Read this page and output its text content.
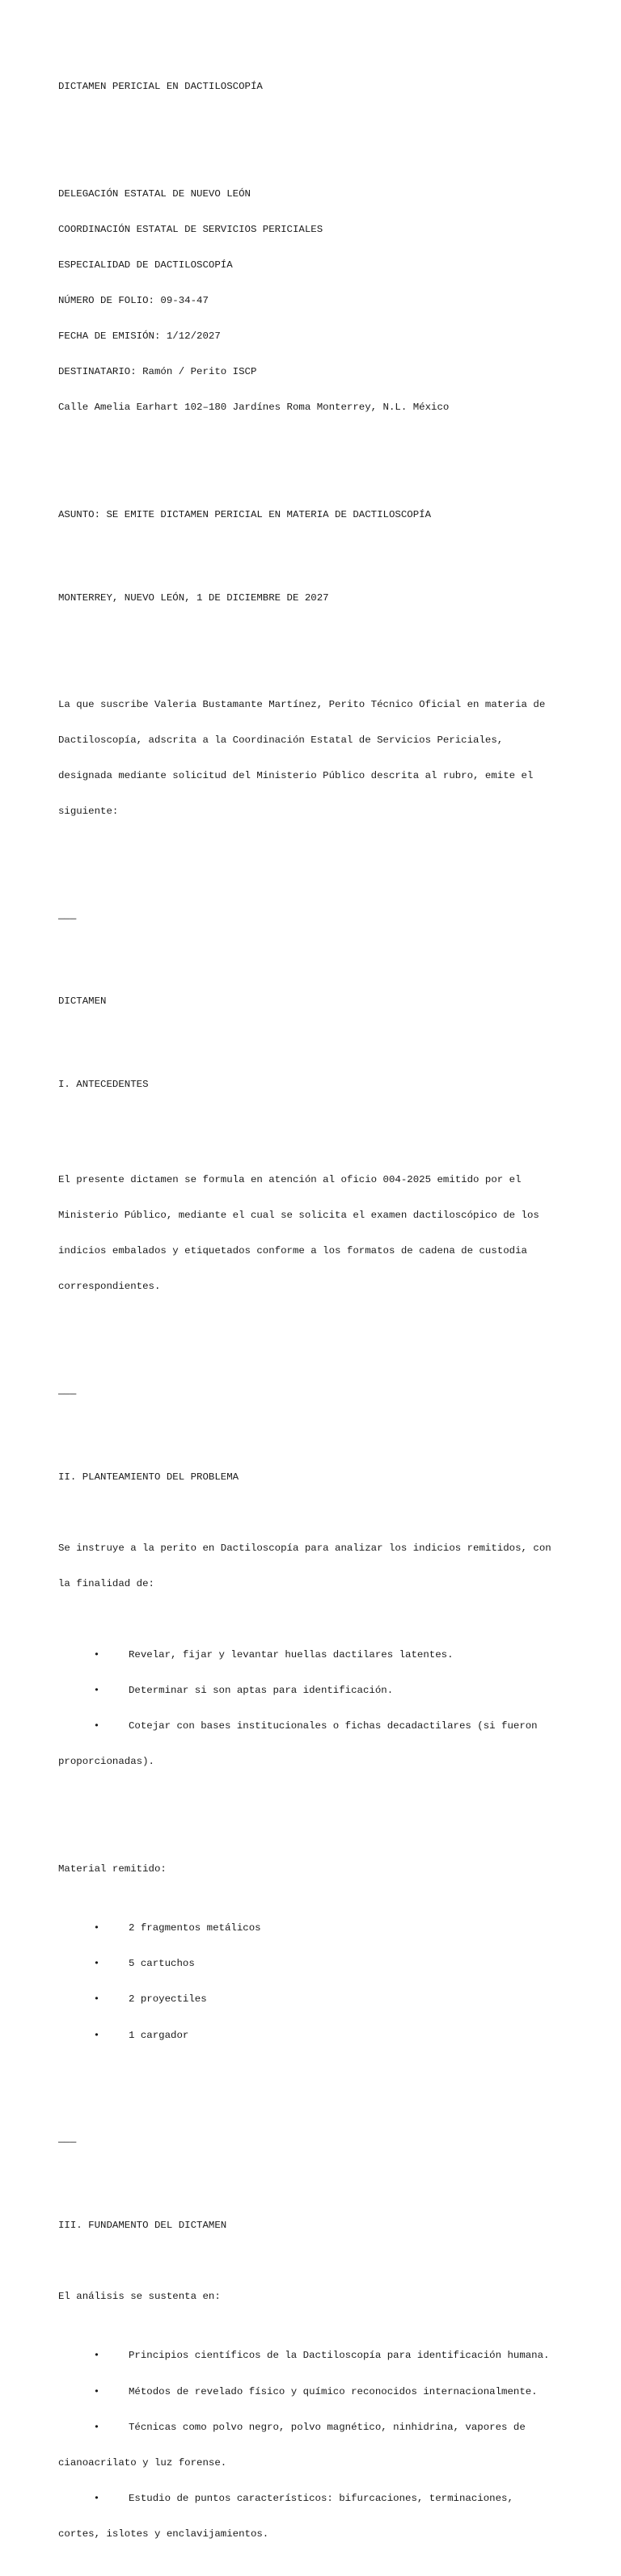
DICTAMEN PERICIAL EN DACTILOSCOPÍA

DELEGACIÓN ESTATAL DE NUEVO LEÓN

COORDINACIÓN ESTATAL DE SERVICIOS PERICIALES

ESPECIALIDAD DE DACTILOSCOPÍA

NÚMERO DE FOLIO: 09-34-47

FECHA DE EMISIÓN: 1/12/2027

DESTINATARIO: Ramón / Perito ISCP

Calle Amelia Earhart 102–180 Jardínes Roma Monterrey, N.L. México

ASUNTO: SE EMITE DICTAMEN PERICIAL EN MATERIA DE DACTILOSCOPÍA

MONTERREY, NUEVO LEÓN, 1 DE DICIEMBRE DE 2027

La que suscribe Valeria Bustamante Martínez, Perito Técnico Oficial en materia de

Dactiloscopía, adscrita a la Coordinación Estatal de Servicios Periciales,

designada mediante solicitud del Ministerio Público descrita al rubro, emite el

siguiente:

———

DICTAMEN

I. ANTECEDENTES

El presente dictamen se formula en atención al oficio 004-2025 emitido por el

Ministerio Público, mediante el cual se solicita el examen dactiloscópico de los

indicios embalados y etiquetados conforme a los formatos de cadena de custodia

correspondientes.

———

II. PLANTEAMIENTO DEL PROBLEMA

Se instruye a la perito en Dactiloscopía para analizar los indicios remitidos, con

la finalidad de:

•	Revelar, fijar y levantar huellas dactilares latentes.

•	Determinar si son aptas para identificación.

•	Cotejar con bases institucionales o fichas decadactilares (si fueron

proporcionadas).

Material remitido:

•	2 fragmentos metálicos

•	5 cartuchos

•	2 proyectiles

•	1 cargador

———

III. FUNDAMENTO DEL DICTAMEN

El análisis se sustenta en:

•	Principios científicos de la Dactiloscopía para identificación humana.

•	Métodos de revelado físico y químico reconocidos internacionalmente.

•	Técnicas como polvo negro, polvo magnético, ninhidrina, vapores de

cianoacrilato y luz forense.

•	Estudio de puntos característicos: bifurcaciones, terminaciones,

cortes, islotes y enclavijamientos.
